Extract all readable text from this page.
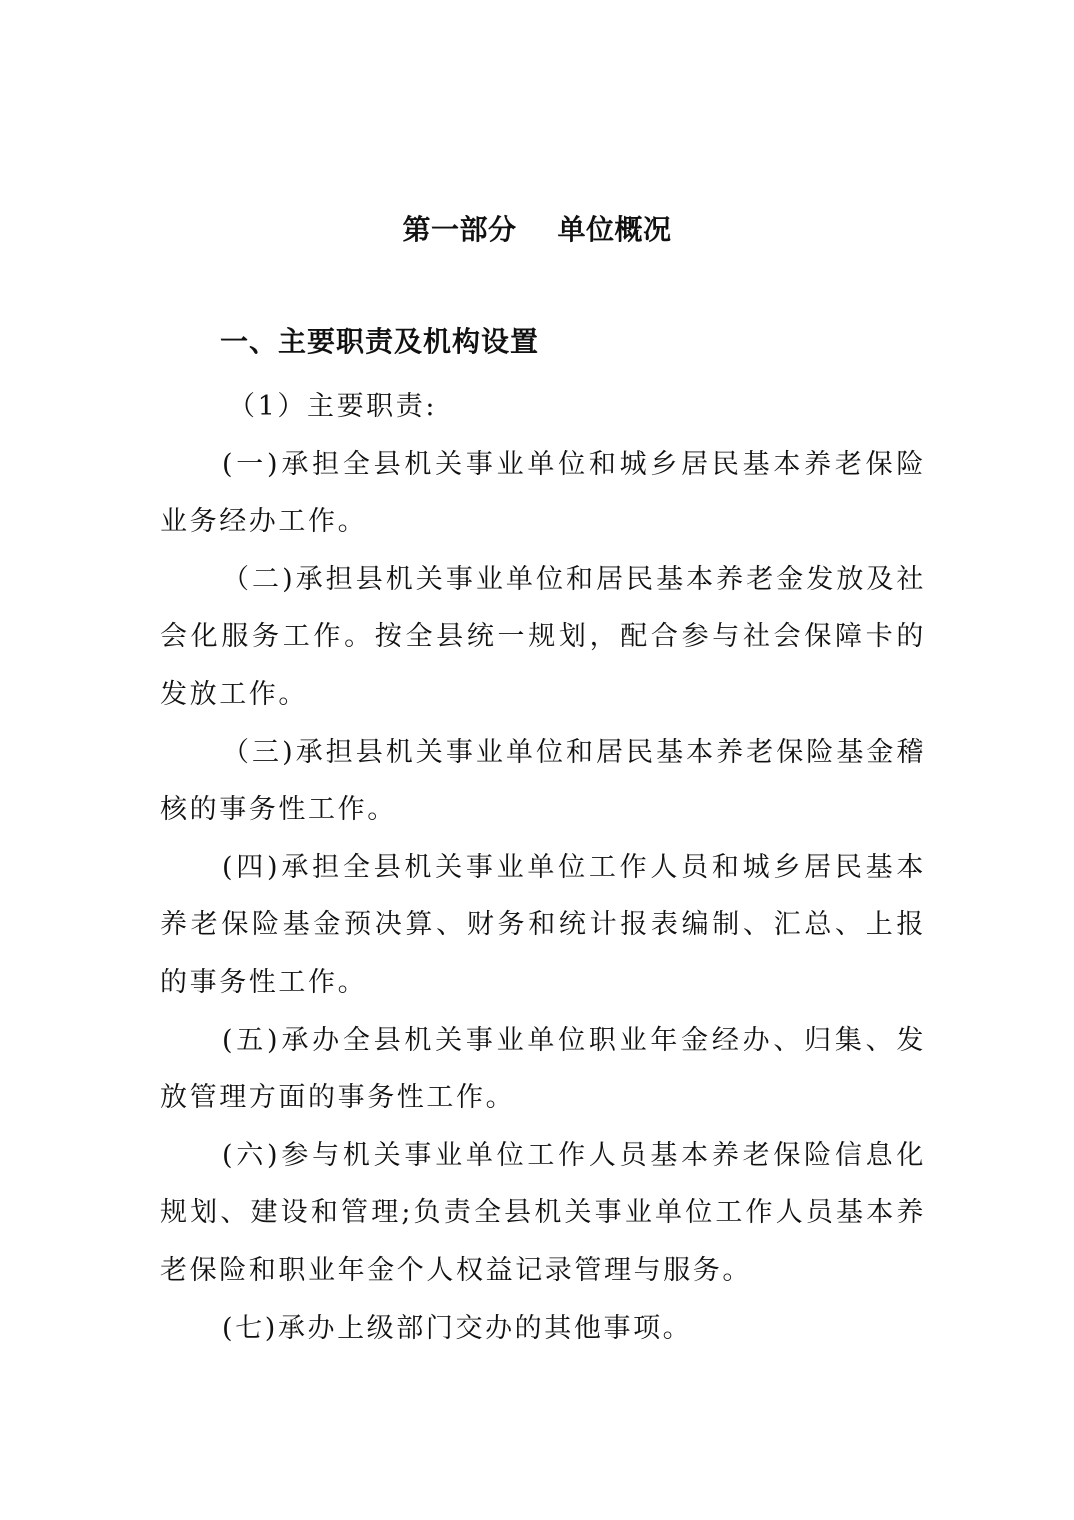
第一部分    单位概况
一、主要职责及机构设置

（1）主要职责:

(一)承担全县机关事业单位和城乡居民基本养老保险业务经办工作。

（二)承担县机关事业单位和居民基本养老金发放及社会化服务工作。按全县统一规划，配合参与社会保障卡的发放工作。

（三)承担县机关事业单位和居民基本养老保险基金稽核的事务性工作。

(四)承担全县机关事业单位工作人员和城乡居民基本养老保险基金预决算、财务和统计报表编制、汇总、上报的事务性工作。

(五)承办全县机关事业单位职业年金经办、归集、发放管理方面的事务性工作。

(六)参与机关事业单位工作人员基本养老保险信息化规划、建设和管理;负责全县机关事业单位工作人员基本养老保险和职业年金个人权益记录管理与服务。

(七)承办上级部门交办的其他事项。
